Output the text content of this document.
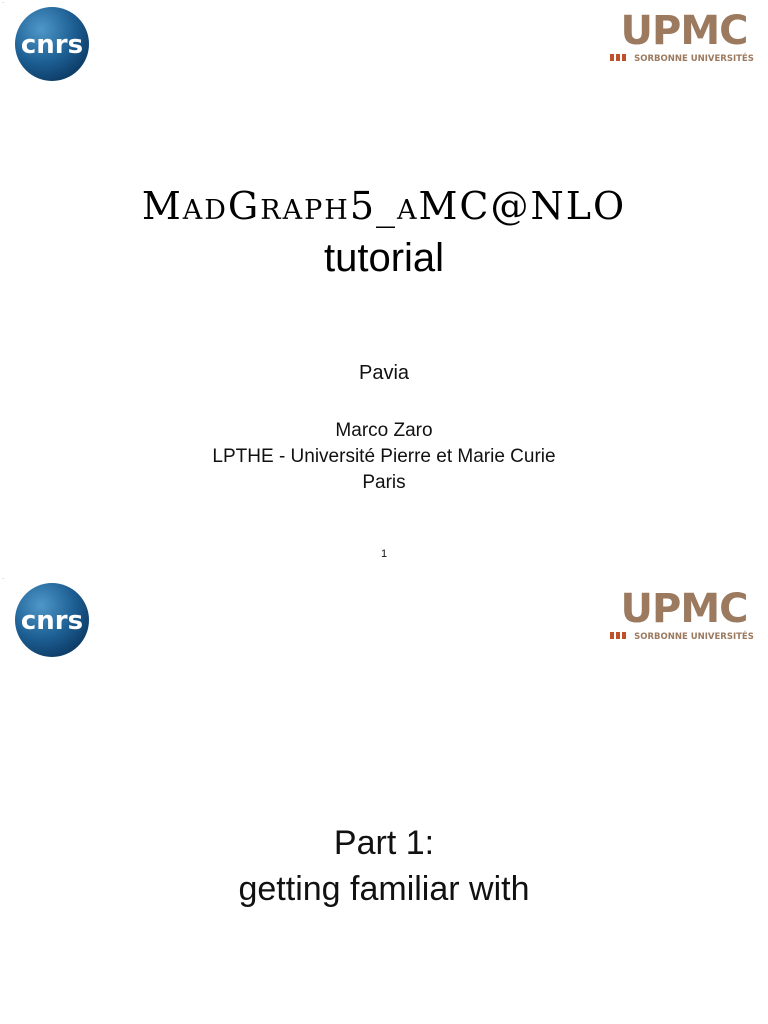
·
cnrs	UPMC
SORBONNE UNIVERSITÉS
MadGraph5_aMC@NLO
tutorial
Pavia
Marco Zaro
LPTHE - Université Pierre et Marie Curie
Paris
1
·
cnrs	UPMC
SORBONNE UNIVERSITÉS
Part 1:
getting familiar with
